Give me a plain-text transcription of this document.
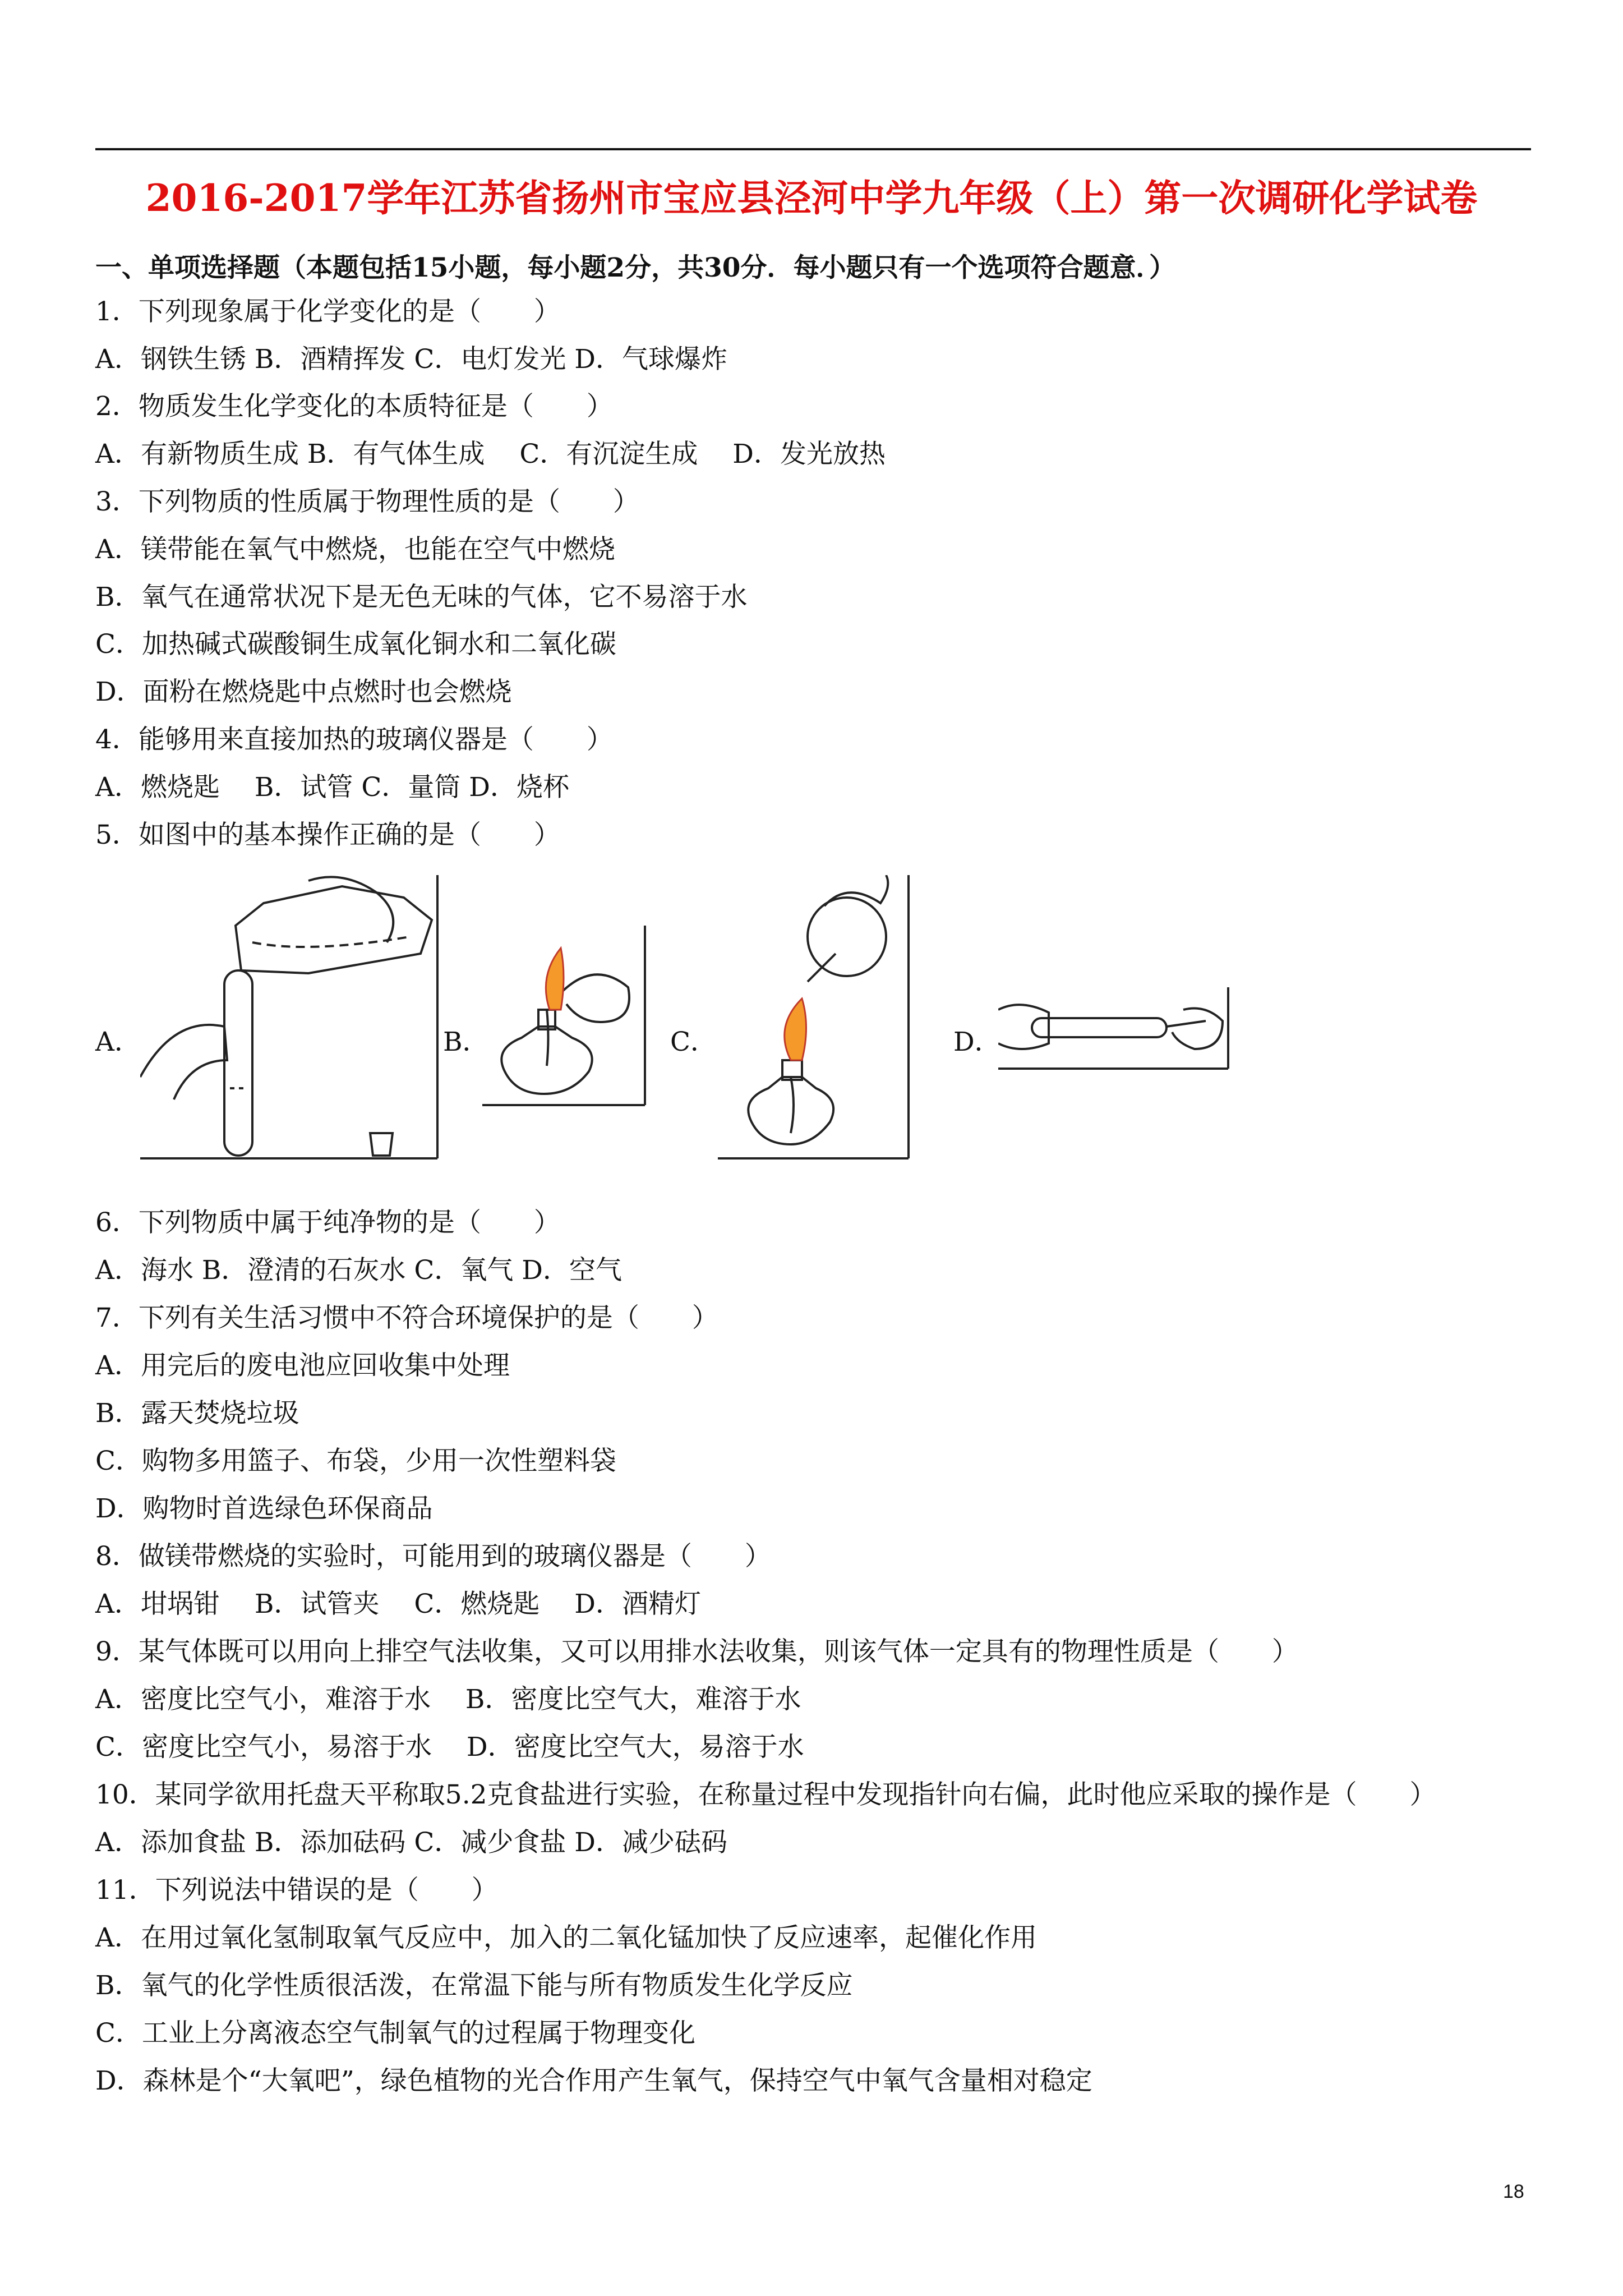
2016-2017学年江苏省扬州市宝应县泾河中学九年级（上）第一次调研化学试卷
一、单项选择题（本题包括15小题，每小题2分，共30分．每小题只有一个选项符合题意．）
1．下列现象属于化学变化的是（　　）
A．钢铁生锈 B．酒精挥发 C．电灯发光 D．气球爆炸
2．物质发生化学变化的本质特征是（　　）
A．有新物质生成 B．有气体生成　 C．有沉淀生成　 D．发光放热
3．下列物质的性质属于物理性质的是（　　）
A．镁带能在氧气中燃烧，也能在空气中燃烧
B．氧气在通常状况下是无色无味的气体，它不易溶于水
C．加热碱式碳酸铜生成氧化铜水和二氧化碳
D．面粉在燃烧匙中点燃时也会燃烧
4．能够用来直接加热的玻璃仪器是（　　）
A．燃烧匙　 B．试管 C．量筒 D．烧杯
5．如图中的基本操作正确的是（　　）
A．	B．	C．	D．
6．下列物质中属于纯净物的是（　　）
A．海水 B．澄清的石灰水 C．氧气 D．空气
7．下列有关生活习惯中不符合环境保护的是（　　）
A．用完后的废电池应回收集中处理
B．露天焚烧垃圾
C．购物多用篮子、布袋，少用一次性塑料袋
D．购物时首选绿色环保商品
8．做镁带燃烧的实验时，可能用到的玻璃仪器是（　　）
A．坩埚钳　 B．试管夹　 C．燃烧匙　 D．酒精灯
9．某气体既可以用向上排空气法收集，又可以用排水法收集，则该气体一定具有的物理性质是（　　）
A．密度比空气小，难溶于水　 B．密度比空气大，难溶于水
C．密度比空气小，易溶于水　 D．密度比空气大，易溶于水
10．某同学欲用托盘天平称取5.2克食盐进行实验，在称量过程中发现指针向右偏，此时他应采取的操作是（　　）
A．添加食盐 B．添加砝码 C．减少食盐 D．减少砝码
11．下列说法中错误的是（　　）
A．在用过氧化氢制取氧气反应中，加入的二氧化锰加快了反应速率，起催化作用
B．氧气的化学性质很活泼，在常温下能与所有物质发生化学反应
C．工业上分离液态空气制氧气的过程属于物理变化
D．森林是个“大氧吧”，绿色植物的光合作用产生氧气，保持空气中氧气含量相对稳定
18
